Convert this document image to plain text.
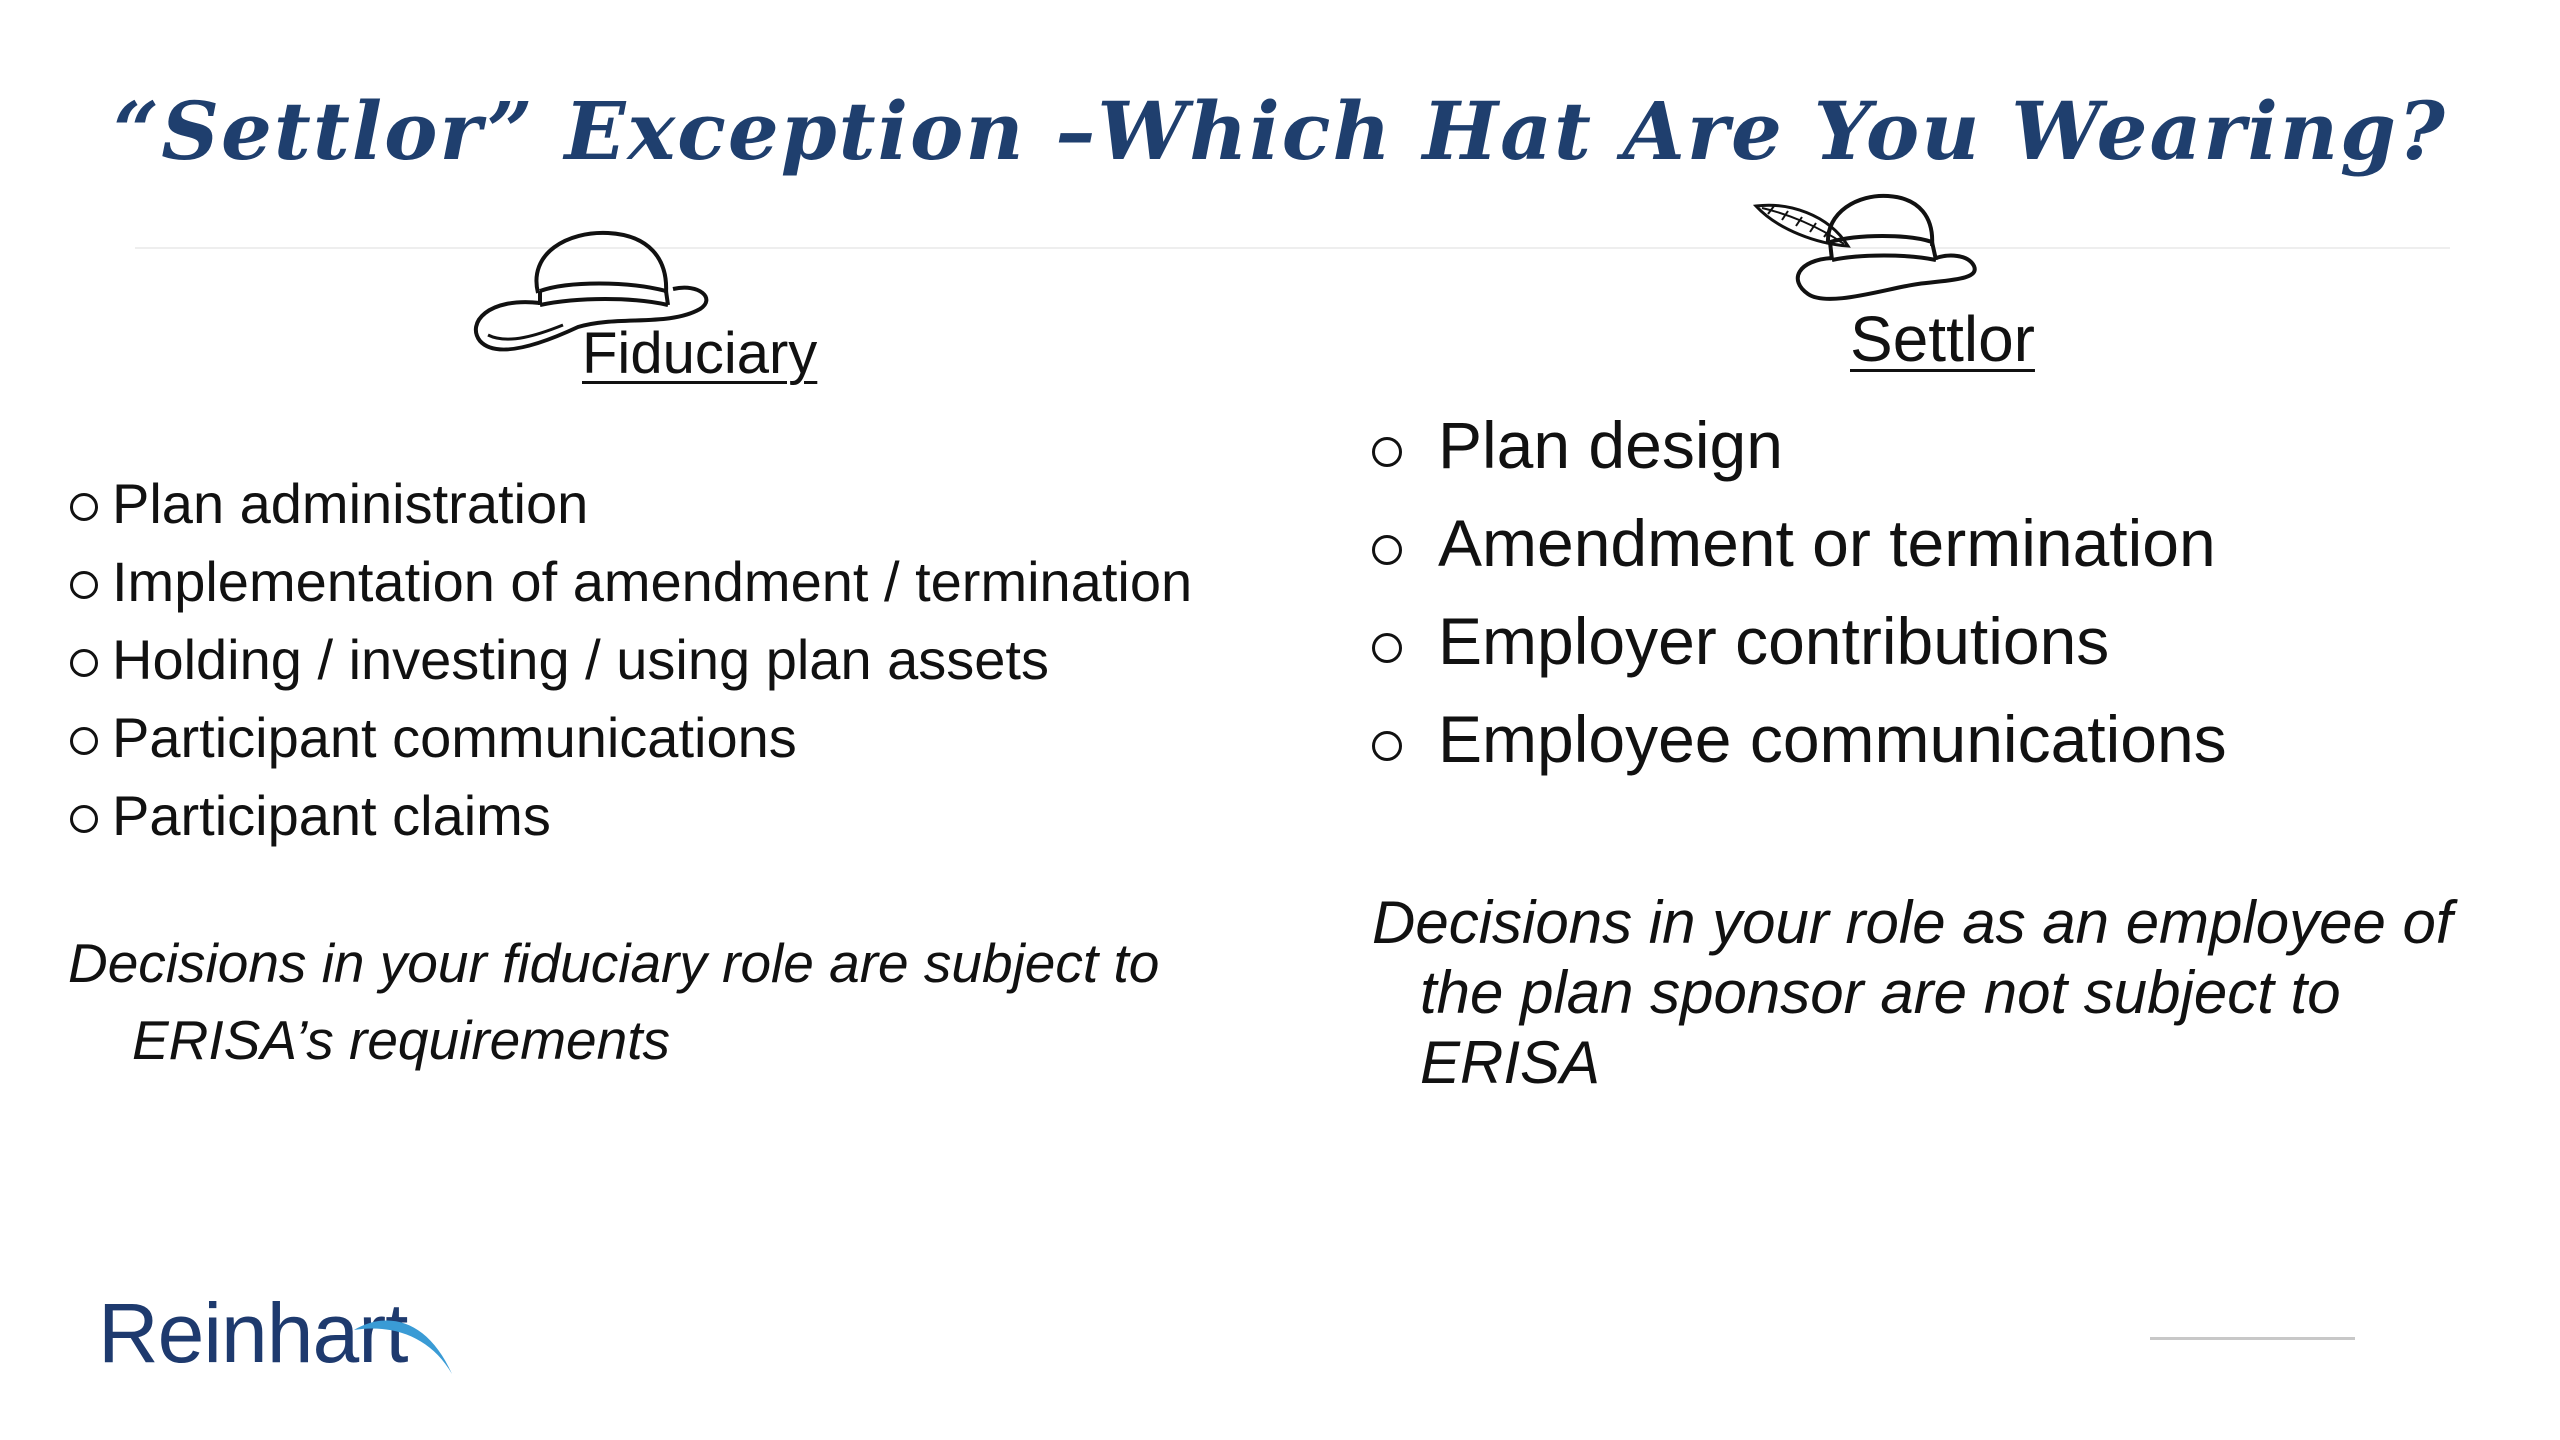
“Settlor” Exception –Which Hat Are You Wearing?
Fiduciary
Plan administration
Implementation of amendment / termination
Holding / investing / using plan assets
Participant communications
Participant claims

Decisions in your fiduciary role are subject to
ERISA’s requirements

Settlor
Plan design
Amendment or termination
Employer contributions
Employee communications

Decisions in your role as an employee of
the plan sponsor are not subject to
ERISA

Reinhart
